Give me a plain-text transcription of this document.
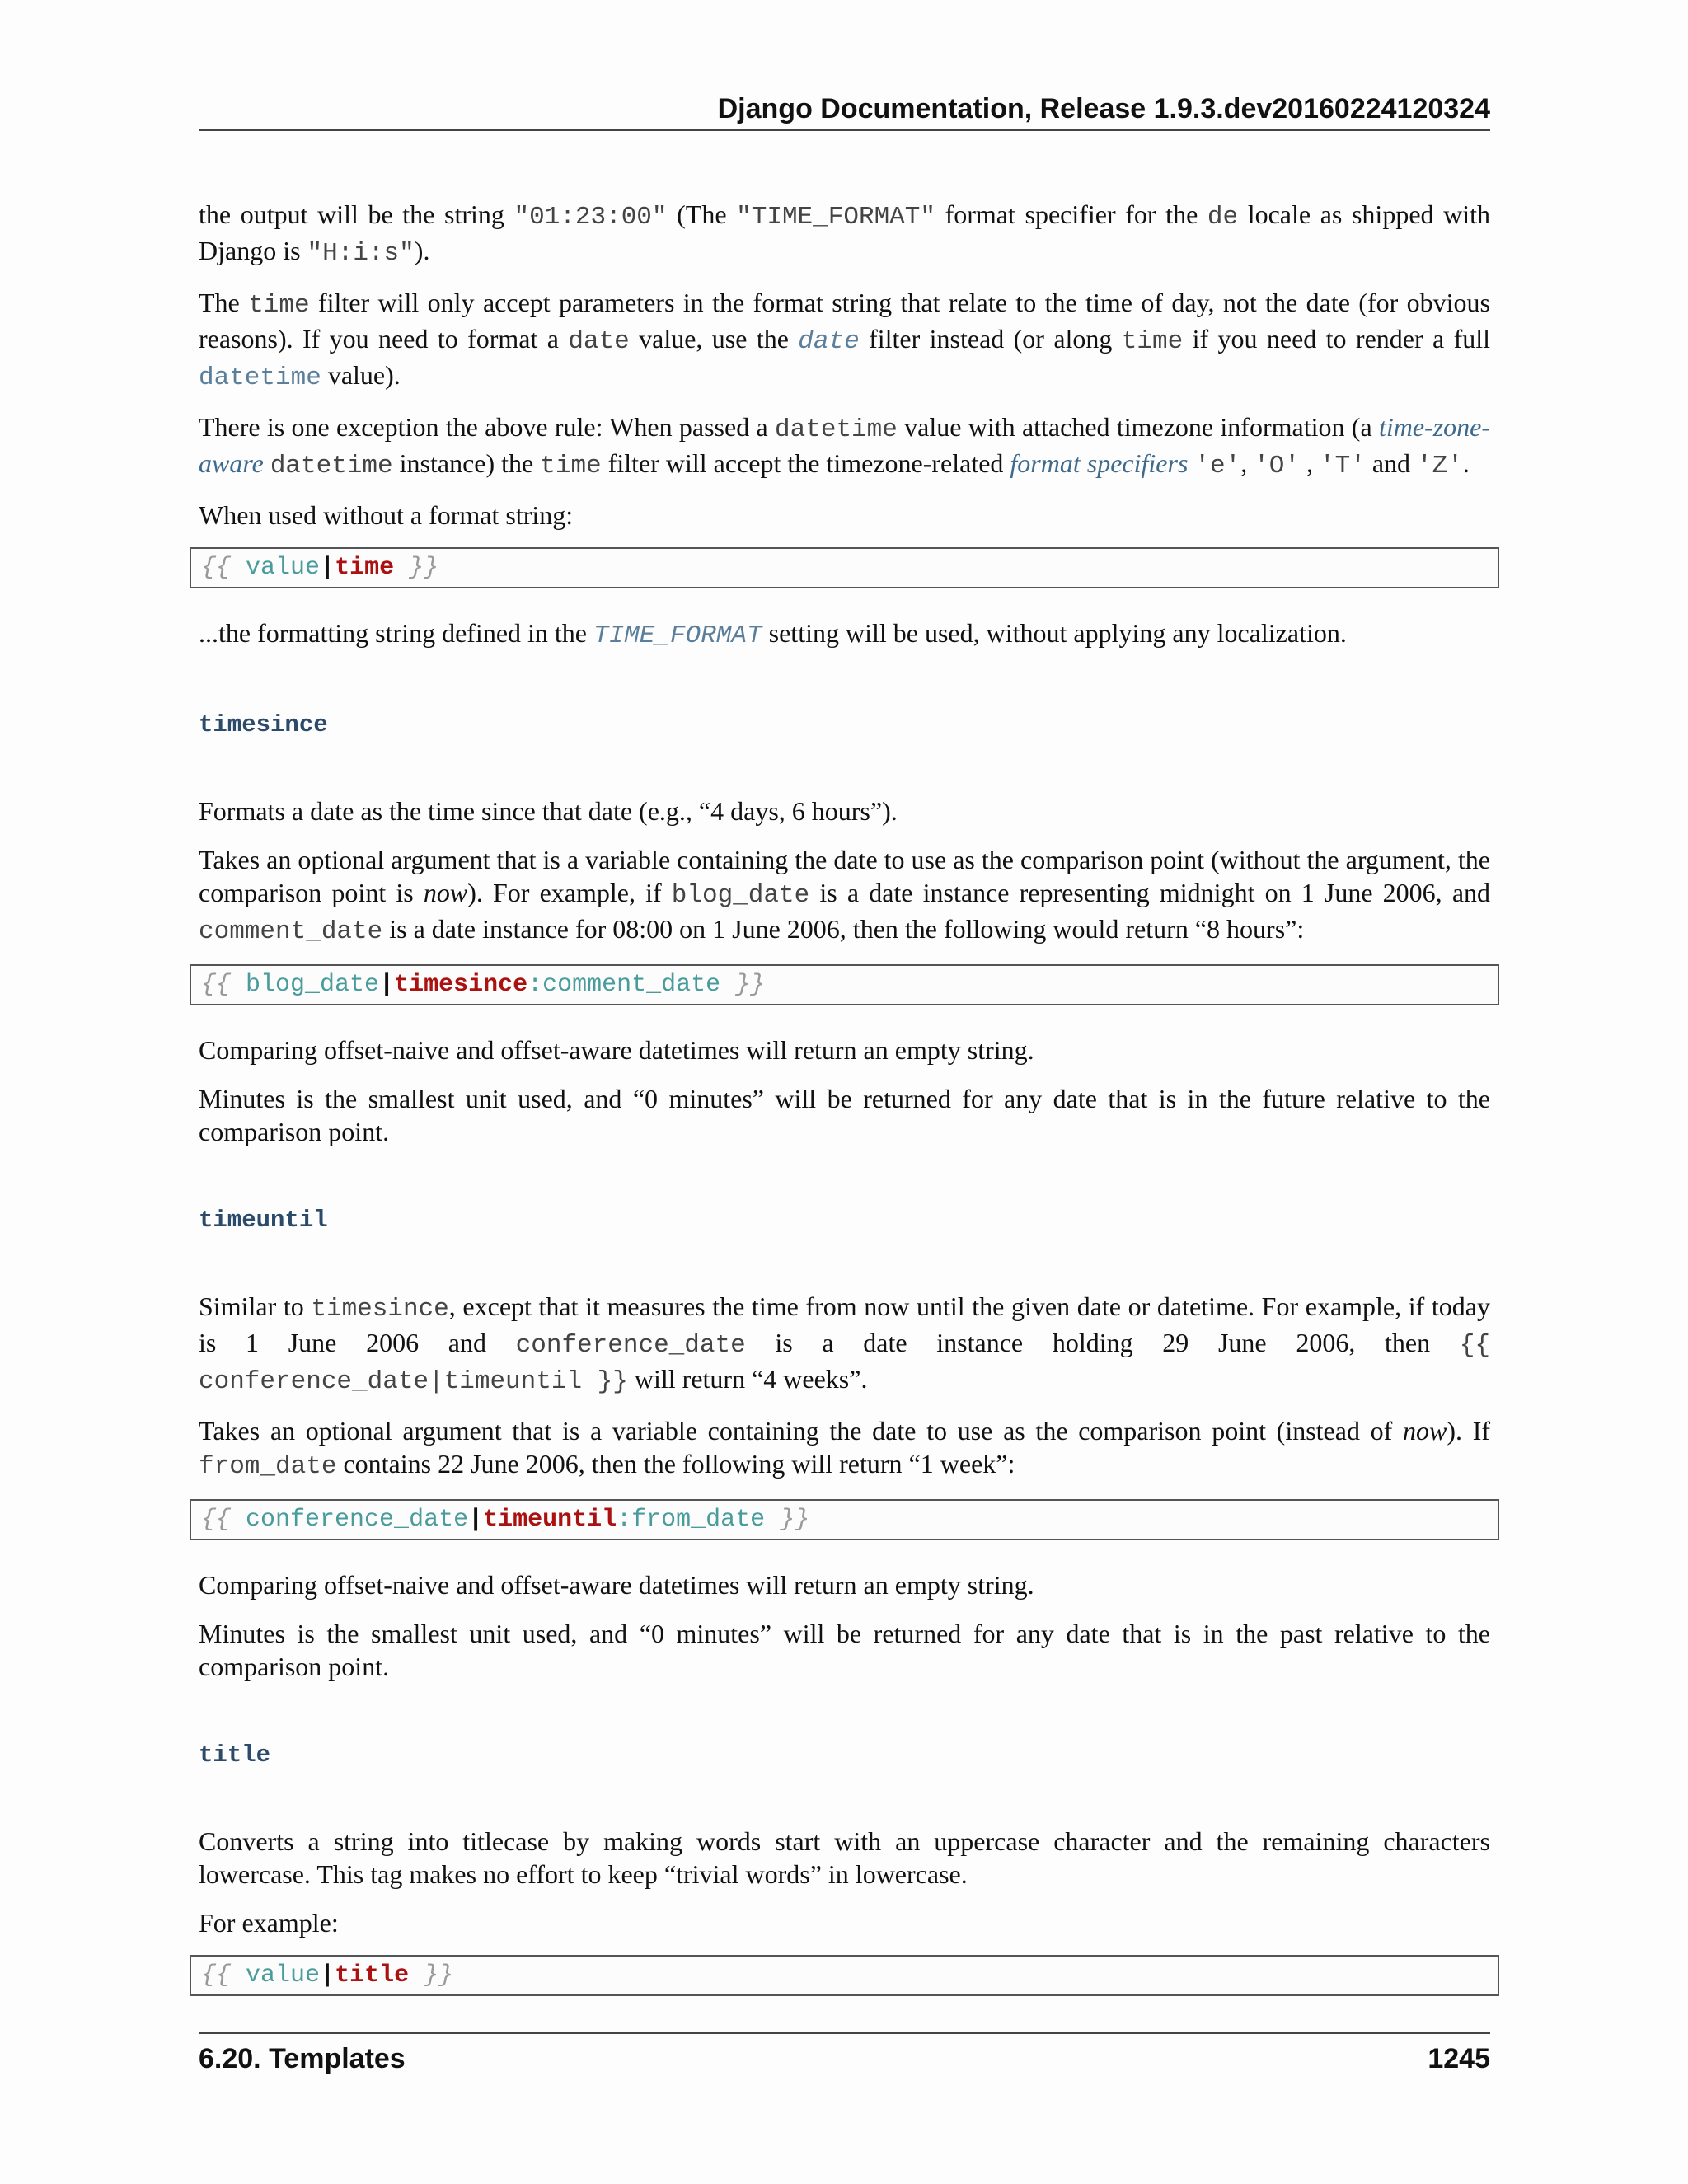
Django Documentation, Release 1.9.3.dev20160224120324

the output will be the string "01:23:00" (The "TIME_FORMAT" format specifier for the de locale as shipped with Django is "H:i:s").

The time filter will only accept parameters in the format string that relate to the time of day, not the date (for obvious reasons). If you need to format a date value, use the date filter instead (or along time if you need to render a full datetime value).

There is one exception the above rule: When passed a datetime value with attached timezone information (a time-zone-aware datetime instance) the time filter will accept the timezone-related format specifiers 'e', 'O' , 'T' and 'Z'.

When used without a format string:

{{ value|time }}

...the formatting string defined in the TIME_FORMAT setting will be used, without applying any localization.

timesince

Formats a date as the time since that date (e.g., “4 days, 6 hours”).

Takes an optional argument that is a variable containing the date to use as the comparison point (without the argument, the comparison point is now). For example, if blog_date is a date instance representing midnight on 1 June 2006, and comment_date is a date instance for 08:00 on 1 June 2006, then the following would return “8 hours”:

{{ blog_date|timesince:comment_date }}

Comparing offset-naive and offset-aware datetimes will return an empty string.

Minutes is the smallest unit used, and “0 minutes” will be returned for any date that is in the future relative to the comparison point.

timeuntil

Similar to timesince, except that it measures the time from now until the given date or datetime. For example, if today is 1 June 2006 and conference_date is a date instance holding 29 June 2006, then {{ conference_date|timeuntil }} will return “4 weeks”.

Takes an optional argument that is a variable containing the date to use as the comparison point (instead of now). If from_date contains 22 June 2006, then the following will return “1 week”:

{{ conference_date|timeuntil:from_date }}

Comparing offset-naive and offset-aware datetimes will return an empty string.

Minutes is the smallest unit used, and “0 minutes” will be returned for any date that is in the past relative to the comparison point.

title

Converts a string into titlecase by making words start with an uppercase character and the remaining characters lowercase. This tag makes no effort to keep “trivial words” in lowercase.

For example:

{{ value|title }}
6.20. Templates	1245
